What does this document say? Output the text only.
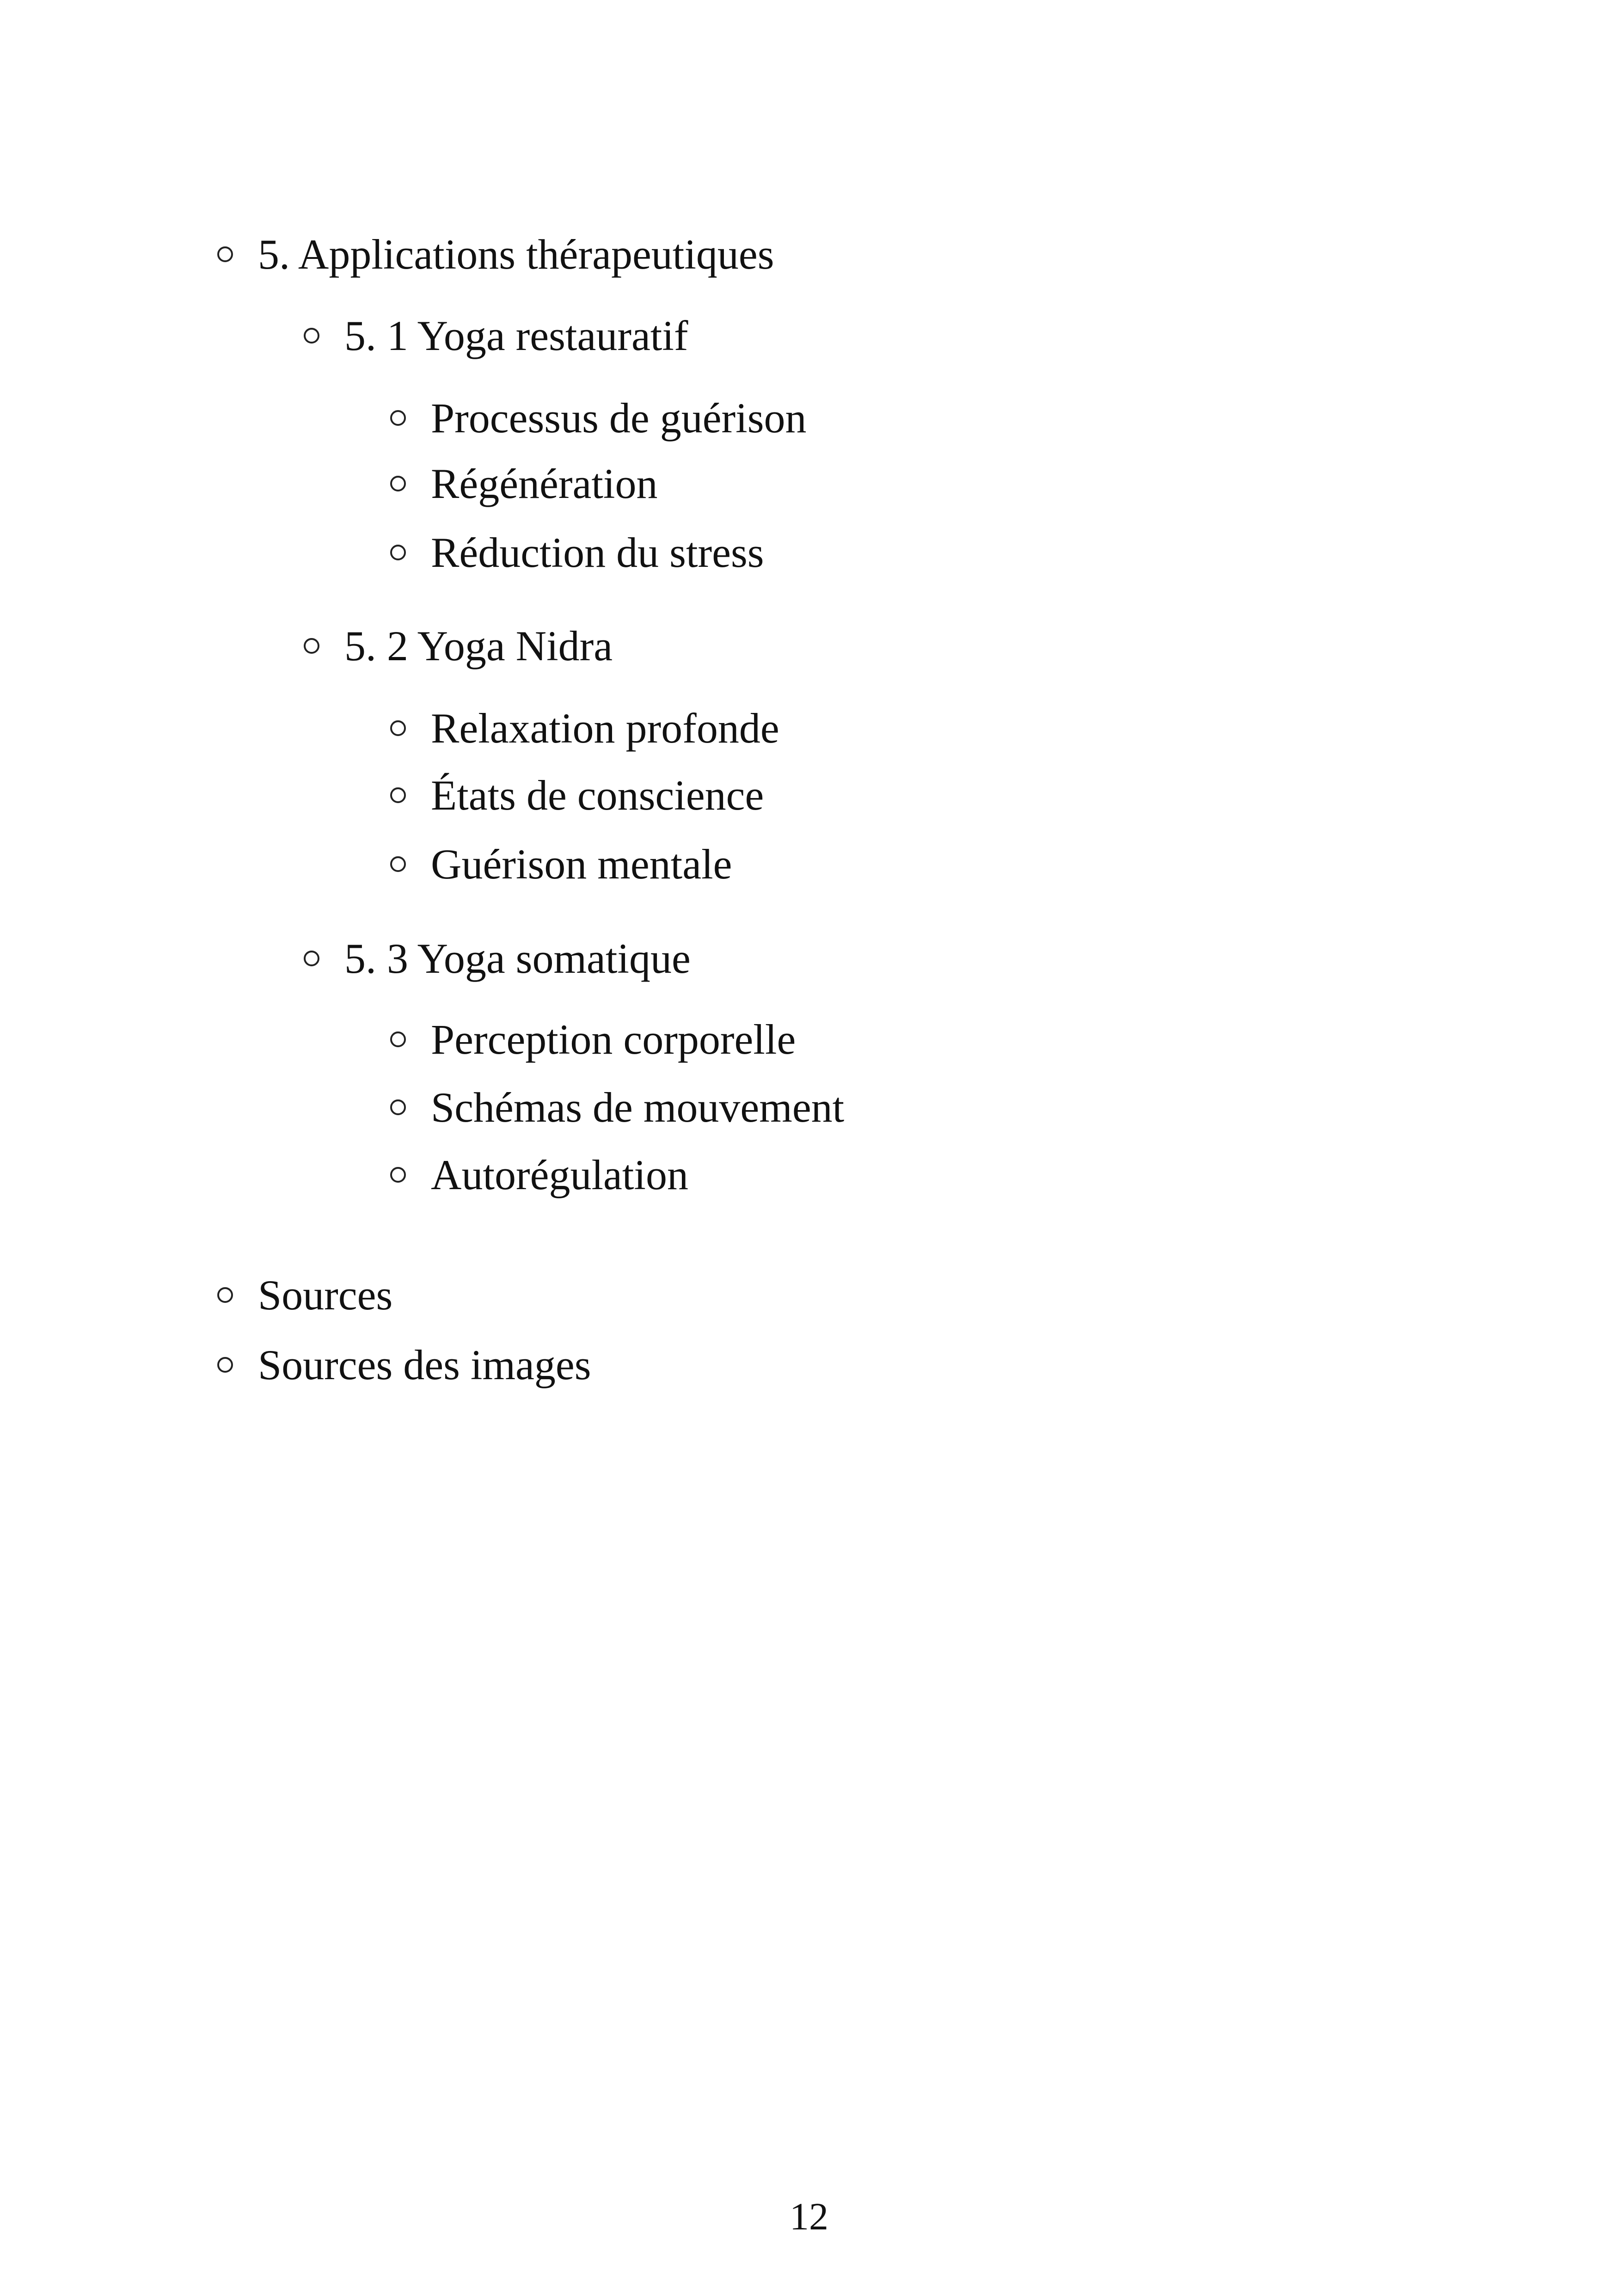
5. Applications thérapeutiques
5. 1 Yoga restauratif
Processus de guérison
Régénération
Réduction du stress
5. 2 Yoga Nidra
Relaxation profonde
États de conscience
Guérison mentale
5. 3 Yoga somatique
Perception corporelle
Schémas de mouvement
Autorégulation
Sources
Sources des images
12
